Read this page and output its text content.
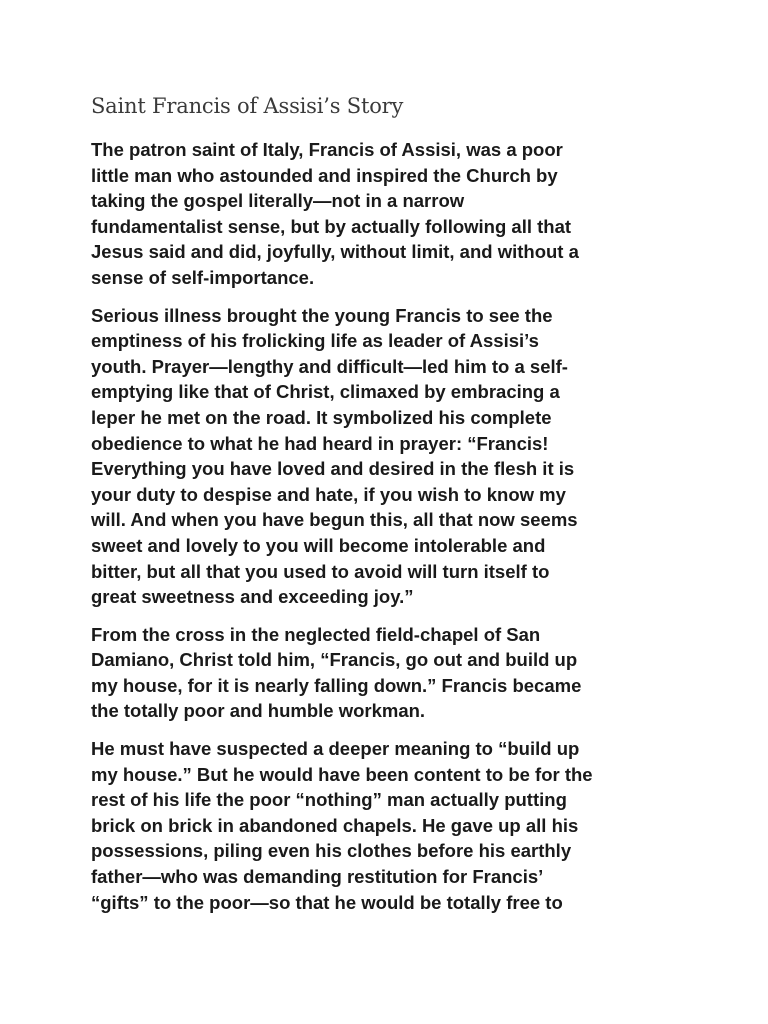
Saint Francis of Assisi’s Story

The patron saint of Italy, Francis of Assisi, was a poor
little man who astounded and inspired the Church by
taking the gospel literally—not in a narrow
fundamentalist sense, but by actually following all that
Jesus said and did, joyfully, without limit, and without a
sense of self-importance.

Serious illness brought the young Francis to see the
emptiness of his frolicking life as leader of Assisi’s
youth. Prayer—lengthy and difficult—led him to a self-
emptying like that of Christ, climaxed by embracing a
leper he met on the road. It symbolized his complete
obedience to what he had heard in prayer: “Francis!
Everything you have loved and desired in the flesh it is
your duty to despise and hate, if you wish to know my
will. And when you have begun this, all that now seems
sweet and lovely to you will become intolerable and
bitter, but all that you used to avoid will turn itself to
great sweetness and exceeding joy.”

From the cross in the neglected field-chapel of San
Damiano, Christ told him, “Francis, go out and build up
my house, for it is nearly falling down.” Francis became
the totally poor and humble workman.

He must have suspected a deeper meaning to “build up
my house.” But he would have been content to be for the
rest of his life the poor “nothing” man actually putting
brick on brick in abandoned chapels. He gave up all his
possessions, piling even his clothes before his earthly
father—who was demanding restitution for Francis’
“gifts” to the poor—so that he would be totally free to
